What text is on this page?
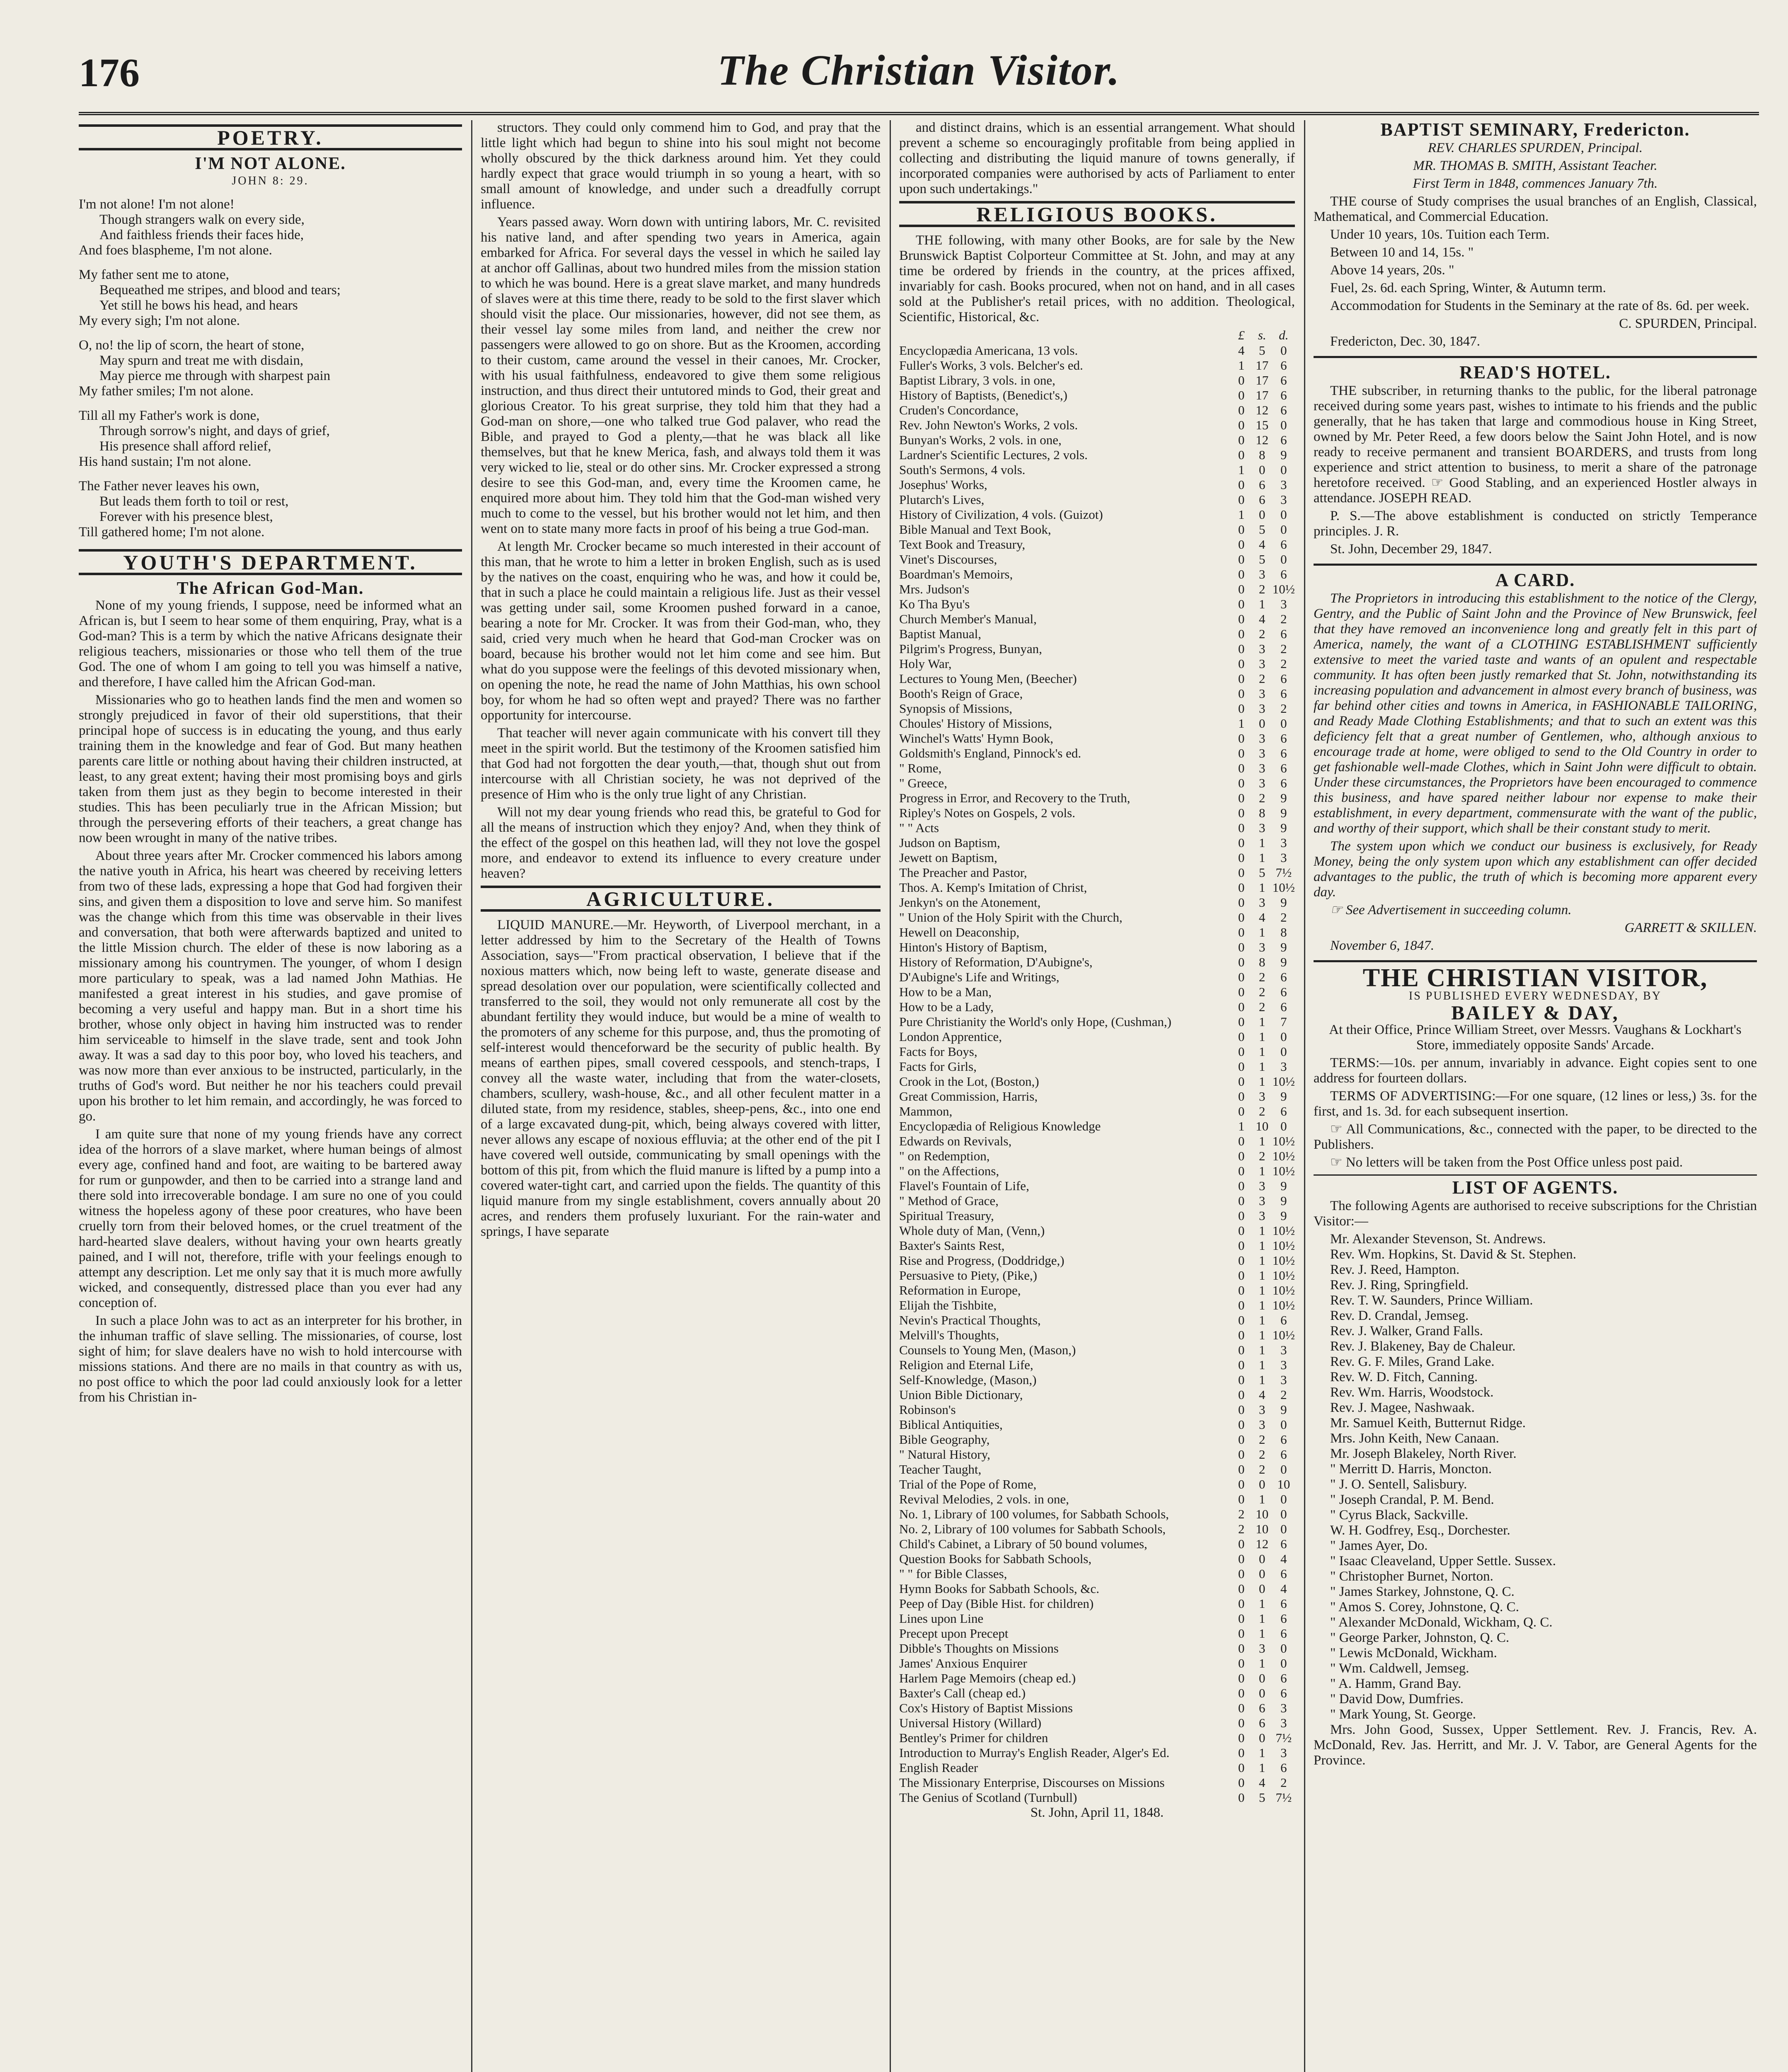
176	The Christian Visitor.
POETRY.
I'M NOT ALONE.
JOHN 8: 29.
I'm not alone! I'm not alone!
Though strangers walk on every side,
And faithless friends their faces hide,
And foes blaspheme, I'm not alone.
My father sent me to atone,
Bequeathed me stripes, and blood and tears;
Yet still he bows his head, and hears
My every sigh; I'm not alone.
O, no! the lip of scorn, the heart of stone,
May spurn and treat me with disdain,
May pierce me through with sharpest pain
My father smiles; I'm not alone.
Till all my Father's work is done,
Through sorrow's night, and days of grief,
His presence shall afford relief,
His hand sustain; I'm not alone.
The Father never leaves his own,
But leads them forth to toil or rest,
Forever with his presence blest,
Till gathered home; I'm not alone.
YOUTH'S DEPARTMENT.
The African God-Man.

None of my young friends, I suppose, need be informed what an African is, but I seem to hear some of them enquiring, Pray, what is a God-man? This is a term by which the native Africans designate their religious teachers, missionaries or those who tell them of the true God. The one of whom I am going to tell you was himself a native, and therefore, I have called him the African God-man.

Missionaries who go to heathen lands find the men and women so strongly prejudiced in favor of their old superstitions, that their principal hope of success is in educating the young, and thus early training them in the knowledge and fear of God. But many heathen parents care little or nothing about having their children instructed, at least, to any great extent; having their most promising boys and girls taken from them just as they begin to become interested in their studies. This has been peculiarly true in the African Mission; but through the persevering efforts of their teachers, a great change has now been wrought in many of the native tribes.

About three years after Mr. Crocker commenced his labors among the native youth in Africa, his heart was cheered by receiving letters from two of these lads, expressing a hope that God had forgiven their sins, and given them a disposition to love and serve him. So manifest was the change which from this time was observable in their lives and conversation, that both were afterwards baptized and united to the little Mission church. The elder of these is now laboring as a missionary among his countrymen. The younger, of whom I design more particulary to speak, was a lad named John Mathias. He manifested a great interest in his studies, and gave promise of becoming a very useful and happy man. But in a short time his brother, whose only object in having him instructed was to render him serviceable to himself in the slave trade, sent and took John away. It was a sad day to this poor boy, who loved his teachers, and was now more than ever anxious to be instructed, particularly, in the truths of God's word. But neither he nor his teachers could prevail upon his brother to let him remain, and accordingly, he was forced to go.

I am quite sure that none of my young friends have any correct idea of the horrors of a slave market, where human beings of almost every age, confined hand and foot, are waiting to be bartered away for rum or gunpowder, and then to be carried into a strange land and there sold into irrecoverable bondage. I am sure no one of you could witness the hopeless agony of these poor creatures, who have been cruelly torn from their beloved homes, or the cruel treatment of the hard-hearted slave dealers, without having your own hearts greatly pained, and I will not, therefore, trifle with your feelings enough to attempt any description. Let me only say that it is much more awfully wicked, and consequently, distressed place than you ever had any conception of.

In such a place John was to act as an interpreter for his brother, in the inhuman traffic of slave selling. The missionaries, of course, lost sight of him; for slave dealers have no wish to hold intercourse with missions stations. And there are no mails in that country as with us, no post office to which the poor lad could anxiously look for a letter from his Christian in-

structors. They could only commend him to God, and pray that the little light which had begun to shine into his soul might not become wholly obscured by the thick darkness around him. Yet they could hardly expect that grace would triumph in so young a heart, with so small amount of knowledge, and under such a dreadfully corrupt influence.

Years passed away. Worn down with untiring labors, Mr. C. revisited his native land, and after spending two years in America, again embarked for Africa. For several days the vessel in which he sailed lay at anchor off Gallinas, about two hundred miles from the mission station to which he was bound. Here is a great slave market, and many hundreds of slaves were at this time there, ready to be sold to the first slaver which should visit the place. Our missionaries, however, did not see them, as their vessel lay some miles from land, and neither the crew nor passengers were allowed to go on shore. But as the Kroomen, according to their custom, came around the vessel in their canoes, Mr. Crocker, with his usual faithfulness, endeavored to give them some religious instruction, and thus direct their untutored minds to God, their great and glorious Creator. To his great surprise, they told him that they had a God-man on shore,—one who talked true God palaver, who read the Bible, and prayed to God a plenty,—that he was black all like themselves, but that he knew Merica, fash, and always told them it was very wicked to lie, steal or do other sins. Mr. Crocker expressed a strong desire to see this God-man, and, every time the Kroomen came, he enquired more about him. They told him that the God-man wished very much to come to the vessel, but his brother would not let him, and then went on to state many more facts in proof of his being a true God-man.

At length Mr. Crocker became so much interested in their account of this man, that he wrote to him a letter in broken English, such as is used by the natives on the coast, enquiring who he was, and how it could be, that in such a place he could maintain a religious life. Just as their vessel was getting under sail, some Kroomen pushed forward in a canoe, bearing a note for Mr. Crocker. It was from their God-man, who, they said, cried very much when he heard that God-man Crocker was on board, because his brother would not let him come and see him. But what do you suppose were the feelings of this devoted missionary when, on opening the note, he read the name of John Matthias, his own school boy, for whom he had so often wept and prayed? There was no farther opportunity for intercourse.

That teacher will never again communicate with his convert till they meet in the spirit world. But the testimony of the Kroomen satisfied him that God had not forgotten the dear youth,—that, though shut out from intercourse with all Christian society, he was not deprived of the presence of Him who is the only true light of any Christian.

Will not my dear young friends who read this, be grateful to God for all the means of instruction which they enjoy? And, when they think of the effect of the gospel on this heathen lad, will they not love the gospel more, and endeavor to extend its influence to every creature under heaven?

AGRICULTURE.

LIQUID MANURE.—Mr. Heyworth, of Liverpool merchant, in a letter addressed by him to the Secretary of the Health of Towns Association, says—"From practical observation, I believe that if the noxious matters which, now being left to waste, generate disease and spread desolation over our population, were scientifically collected and transferred to the soil, they would not only remunerate all cost by the abundant fertility they would induce, but would be a mine of wealth to the promoters of any scheme for this purpose, and, thus the promoting of self-interest would thenceforward be the security of public health. By means of earthen pipes, small covered cesspools, and stench-traps, I convey all the waste water, including that from the water-closets, chambers, scullery, wash-house, &c., and all other feculent matter in a diluted state, from my residence, stables, sheep-pens, &c., into one end of a large excavated dung-pit, which, being always covered with litter, never allows any escape of noxious effluvia; at the other end of the pit I have covered well outside, communicating by small openings with the bottom of this pit, from which the fluid manure is lifted by a pump into a covered water-tight cart, and carried upon the fields. The quantity of this liquid manure from my single establishment, covers annually about 20 acres, and renders them profusely luxuriant. For the rain-water and springs, I have separate

and distinct drains, which is an essential arrangement. What should prevent a scheme so encouragingly profitable from being applied in collecting and distributing the liquid manure of towns generally, if incorporated companies were authorised by acts of Parliament to enter upon such undertakings."

RELIGIOUS BOOKS.

THE following, with many other Books, are for sale by the New Brunswick Baptist Colporteur Committee at St. John, and may at any time be ordered by friends in the country, at the prices affixed, invariably for cash. Books procured, when not on hand, and in all cases sold at the Publisher's retail prices, with no addition. Theological, Scientific, Historical, &c.

	£	s.	d.
Encyclopædia Americana, 13 vols.	4	5	0
Fuller's Works, 3 vols. Belcher's ed.	1	17	6
Baptist Library, 3 vols. in one,	0	17	6
History of Baptists, (Benedict's,)	0	17	6
Cruden's Concordance,	0	12	6
Rev. John Newton's Works, 2 vols.	0	15	0
Bunyan's Works, 2 vols. in one,	0	12	6
Lardner's Scientific Lectures, 2 vols.	0	8	9
South's Sermons, 4 vols.	1	0	0
Josephus' Works,	0	6	3
Plutarch's Lives,	0	6	3
History of Civilization, 4 vols. (Guizot)	1	0	0
Bible Manual and Text Book,	0	5	0
Text Book and Treasury,	0	4	6
Vinet's Discourses,	0	5	0
Boardman's Memoirs,	0	3	6
Mrs. Judson's	0	2	10½
Ko Tha Byu's	0	1	3
Church Member's Manual,	0	4	2
Baptist Manual,	0	2	6
Pilgrim's Progress, Bunyan,	0	3	2
Holy War,	0	3	2
Lectures to Young Men, (Beecher)	0	2	6
Booth's Reign of Grace,	0	3	6
Synopsis of Missions,	0	3	2
Choules' History of Missions,	1	0	0
Winchel's Watts' Hymn Book,	0	3	6
Goldsmith's England, Pinnock's ed.	0	3	6
" Rome,	0	3	6
" Greece,	0	3	6
Progress in Error, and Recovery to the Truth,	0	2	9
Ripley's Notes on Gospels, 2 vols.	0	8	9
" " Acts	0	3	9
Judson on Baptism,	0	1	3
Jewett on Baptism,	0	1	3
The Preacher and Pastor,	0	5	7½
Thos. A. Kemp's Imitation of Christ,	0	1	10½
Jenkyn's on the Atonement,	0	3	9
" Union of the Holy Spirit with the Church,	0	4	2
Hewell on Deaconship,	0	1	8
Hinton's History of Baptism,	0	3	9
History of Reformation, D'Aubigne's,	0	8	9
D'Aubigne's Life and Writings,	0	2	6
How to be a Man,	0	2	6
How to be a Lady,	0	2	6
Pure Christianity the World's only Hope, (Cushman,)	0	1	7
London Apprentice,	0	1	0
Facts for Boys,	0	1	0
Facts for Girls,	0	1	3
Crook in the Lot, (Boston,)	0	1	10½
Great Commission, Harris,	0	3	9
Mammon,	0	2	6
Encyclopædia of Religious Knowledge	1	10	0
Edwards on Revivals,	0	1	10½
" on Redemption,	0	2	10½
" on the Affections,	0	1	10½
Flavel's Fountain of Life,	0	3	9
" Method of Grace,	0	3	9
Spiritual Treasury,	0	3	9
Whole duty of Man, (Venn,)	0	1	10½
Baxter's Saints Rest,	0	1	10½
Rise and Progress, (Doddridge,)	0	1	10½
Persuasive to Piety, (Pike,)	0	1	10½
Reformation in Europe,	0	1	10½
Elijah the Tishbite,	0	1	10½
Nevin's Practical Thoughts,	0	1	6
Melvill's Thoughts,	0	1	10½
Counsels to Young Men, (Mason,)	0	1	3
Religion and Eternal Life,	0	1	3
Self-Knowledge, (Mason,)	0	1	3
Union Bible Dictionary,	0	4	2
Robinson's	0	3	9
Biblical Antiquities,	0	3	0
Bible Geography,	0	2	6
" Natural History,	0	2	6
Teacher Taught,	0	2	0
Trial of the Pope of Rome,	0	0	10
Revival Melodies, 2 vols. in one,	0	1	0
No. 1, Library of 100 volumes, for Sabbath Schools,	2	10	0
No. 2, Library of 100 volumes for Sabbath Schools,	2	10	0
Child's Cabinet, a Library of 50 bound volumes,	0	12	6
Question Books for Sabbath Schools,	0	0	4
" " for Bible Classes,	0	0	6
Hymn Books for Sabbath Schools, &c.	0	0	4
Peep of Day (Bible Hist. for children)	0	1	6
Lines upon Line	0	1	6
Precept upon Precept	0	1	6
Dibble's Thoughts on Missions	0	3	0
James' Anxious Enquirer	0	1	0
Harlem Page Memoirs (cheap ed.)	0	0	6
Baxter's Call (cheap ed.)	0	0	6
Cox's History of Baptist Missions	0	6	3
Universal History (Willard)	0	6	3
Bentley's Primer for children	0	0	7½
Introduction to Murray's English Reader, Alger's Ed.	0	1	3
English Reader	0	1	6
The Missionary Enterprise, Discourses on Missions	0	4	2
The Genius of Scotland (Turnbull)	0	5	7½

St. John, April 11, 1848.

BAPTIST SEMINARY, Fredericton.

REV. CHARLES SPURDEN, Principal.

MR. THOMAS B. SMITH, Assistant Teacher.

First Term in 1848, commences January 7th.

THE course of Study comprises the usual branches of an English, Classical, Mathematical, and Commercial Education.

Under 10 years, 10s. Tuition each Term.

Between 10 and 14, 15s. "

Above 14 years, 20s. "

Fuel, 2s. 6d. each Spring, Winter, & Autumn term.

Accommodation for Students in the Seminary at the rate of 8s. 6d. per week.

C. SPURDEN, Principal.

Fredericton, Dec. 30, 1847.

READ'S HOTEL.

THE subscriber, in returning thanks to the public, for the liberal patronage received during some years past, wishes to intimate to his friends and the public generally, that he has taken that large and commodious house in King Street, owned by Mr. Peter Reed, a few doors below the Saint John Hotel, and is now ready to receive permanent and transient BOARDERS, and trusts from long experience and strict attention to business, to merit a share of the patronage heretofore received. ☞ Good Stabling, and an experienced Hostler always in attendance. JOSEPH READ.

P. S.—The above establishment is conducted on strictly Temperance principles. J. R.

St. John, December 29, 1847.

A CARD.

The Proprietors in introducing this establishment to the notice of the Clergy, Gentry, and the Public of Saint John and the Province of New Brunswick, feel that they have removed an inconvenience long and greatly felt in this part of America, namely, the want of a CLOTHING ESTABLISHMENT sufficiently extensive to meet the varied taste and wants of an opulent and respectable community. It has often been justly remarked that St. John, notwithstanding its increasing population and advancement in almost every branch of business, was far behind other cities and towns in America, in FASHIONABLE TAILORING, and Ready Made Clothing Establishments; and that to such an extent was this deficiency felt that a great number of Gentlemen, who, although anxious to encourage trade at home, were obliged to send to the Old Country in order to get fashionable well-made Clothes, which in Saint John were difficult to obtain. Under these circumstances, the Proprietors have been encouraged to commence this business, and have spared neither labour nor expense to make their establishment, in every department, commensurate with the want of the public, and worthy of their support, which shall be their constant study to merit.

The system upon which we conduct our business is exclusively, for Ready Money, being the only system upon which any establishment can offer decided advantages to the public, the truth of which is becoming more apparent every day.

☞ See Advertisement in succeeding column.

GARRETT & SKILLEN.

November 6, 1847.

THE CHRISTIAN VISITOR,
IS PUBLISHED EVERY WEDNESDAY, BY
BAILEY & DAY,

At their Office, Prince William Street, over Messrs. Vaughans & Lockhart's Store, immediately opposite Sands' Arcade.

TERMS:—10s. per annum, invariably in advance. Eight copies sent to one address for fourteen dollars.

TERMS OF ADVERTISING:—For one square, (12 lines or less,) 3s. for the first, and 1s. 3d. for each subsequent insertion.

☞ All Communications, &c., connected with the paper, to be directed to the Publishers.

☞ No letters will be taken from the Post Office unless post paid.

LIST OF AGENTS.

The following Agents are authorised to receive subscriptions for the Christian Visitor:—

Mr. Alexander Stevenson, St. Andrews.
Rev. Wm. Hopkins, St. David & St. Stephen.
Rev. J. Reed, Hampton.
Rev. J. Ring, Springfield.
Rev. T. W. Saunders, Prince William.
Rev. D. Crandal, Jemseg.
Rev. J. Walker, Grand Falls.
Rev. J. Blakeney, Bay de Chaleur.
Rev. G. F. Miles, Grand Lake.
Rev. W. D. Fitch, Canning.
Rev. Wm. Harris, Woodstock.
Rev. J. Magee, Nashwaak.
Mr. Samuel Keith, Butternut Ridge.
Mrs. John Keith, New Canaan.
Mr. Joseph Blakeley, North River.
" Merritt D. Harris, Moncton.
" J. O. Sentell, Salisbury.
" Joseph Crandal, P. M. Bend.
" Cyrus Black, Sackville.
W. H. Godfrey, Esq., Dorchester.
" James Ayer, Do.
" Isaac Cleaveland, Upper Settle. Sussex.
" Christopher Burnet, Norton.
" James Starkey, Johnstone, Q. C.
" Amos S. Corey, Johnstone, Q. C.
" Alexander McDonald, Wickham, Q. C.
" George Parker, Johnston, Q. C.
" Lewis McDonald, Wickham.
" Wm. Caldwell, Jemseg.
" A. Hamm, Grand Bay.
" David Dow, Dumfries.
" Mark Young, St. George.

Mrs. John Good, Sussex, Upper Settlement. Rev. J. Francis, Rev. A. McDonald, Rev. Jas. Herritt, and Mr. J. V. Tabor, are General Agents for the Province.
